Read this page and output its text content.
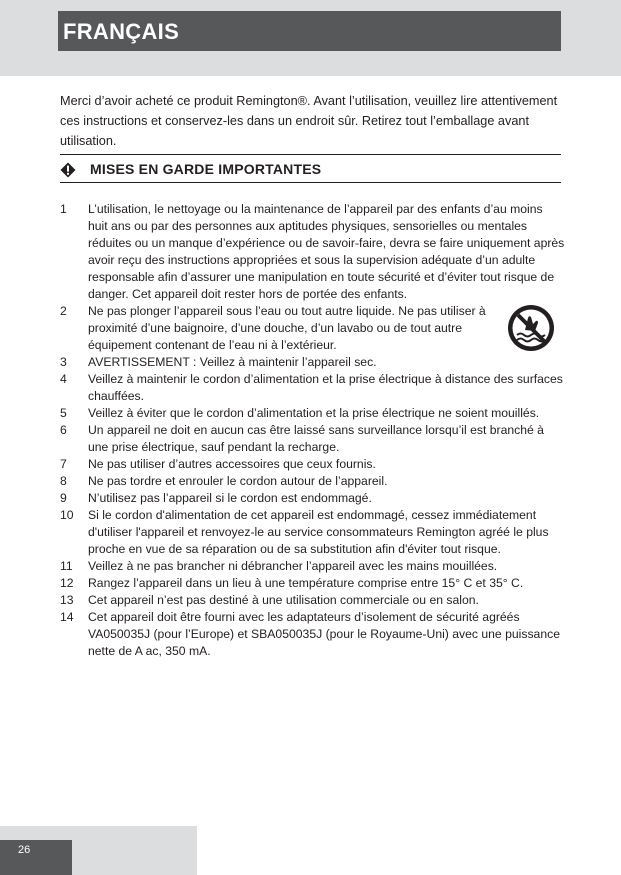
FRANÇAIS

Merci d’avoir acheté ce produit Remington®. Avant l’utilisation, veuillez lire attentivement ces instructions et conservez-les dans un endroit sûr. Retirez tout l’emballage avant utilisation.

MISES EN GARDE IMPORTANTES
1 L’utilisation, le nettoyage ou la maintenance de l’appareil par des enfants d’au moins huit ans ou par des personnes aux aptitudes physiques, sensorielles ou mentales réduites ou un manque d’expérience ou de savoir-faire, devra se faire uniquement après avoir reçu des instructions appropriées et sous la supervision adéquate d’un adulte responsable afin d’assurer une manipulation en toute sécurité et d’éviter tout risque de danger. Cet appareil doit rester hors de portée des enfants.
2 Ne pas plonger l’appareil sous l’eau ou tout autre liquide. Ne pas utiliser à proximité d’une baignoire, d’une douche, d’un lavabo ou de tout autre équipement contenant de l’eau ni à l’extérieur.
3 AVERTISSEMENT : Veillez à maintenir l’appareil sec.
4 Veillez à maintenir le cordon d’alimentation et la prise électrique à distance des surfaces chauffées.
5 Veillez à éviter que le cordon d’alimentation et la prise électrique ne soient mouillés.
6 Un appareil ne doit en aucun cas être laissé sans surveillance lorsqu’il est branché à une prise électrique, sauf pendant la recharge.
7 Ne pas utiliser d’autres accessoires que ceux fournis.
8 Ne pas tordre et enrouler le cordon autour de l’appareil.
9 N’utilisez pas l’appareil si le cordon est endommagé.
10 Si le cordon d'alimentation de cet appareil est endommagé, cessez immédiatement d'utiliser l'appareil et renvoyez-le au service consommateurs Remington agréé le plus proche en vue de sa réparation ou de sa substitution afin d'éviter tout risque.
11 Veillez à ne pas brancher ni débrancher l’appareil avec les mains mouillées.
12 Rangez l’appareil dans un lieu à une température comprise entre 15° C et 35° C.
13 Cet appareil n’est pas destiné à une utilisation commerciale ou en salon.
14 Cet appareil doit être fourni avec les adaptateurs d’isolement de sécurité agréés VA050035J (pour l’Europe) et SBA050035J (pour le Royaume-Uni) avec une puissance nette de A ac, 350 mA.
26
